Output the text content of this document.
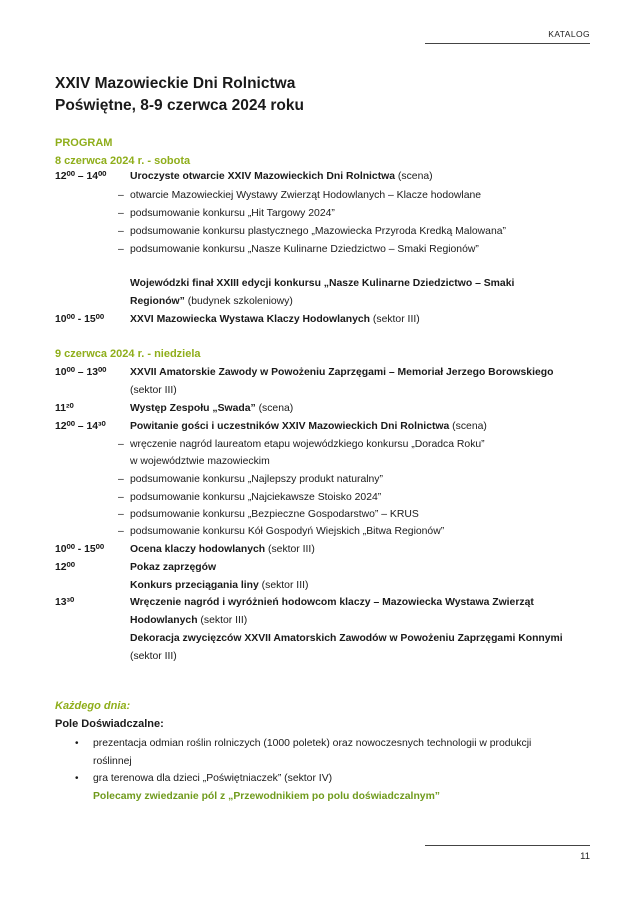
KATALOG
XXIV Mazowieckie Dni Rolnictwa
Poświętne, 8-9 czerwca 2024 roku
PROGRAM
8 czerwca 2024 r. - sobota
12⁰⁰ – 14⁰⁰ Uroczyste otwarcie XXIV Mazowieckich Dni Rolnictwa (scena)
– otwarcie Mazowieckiej Wystawy Zwierząt Hodowlanych – Klacze hodowlane
– podsumowanie konkursu „Hit Targowy 2024”
– podsumowanie konkursu plastycznego „Mazowiecka Przyroda Kredką Malowana”
– podsumowanie konkursu „Nasze Kulinarne Dziedzictwo – Smaki Regionów”
Wojewódzki finał XXIII edycji konkursu „Nasze Kulinarne Dziedzictwo – Smaki
Regionów” (budynek szkoleniowy)
10⁰⁰ - 15⁰⁰ XXVI Mazowiecka Wystawa Klaczy Hodowlanych (sektor III)
9 czerwca 2024 r. - niedziela
10⁰⁰ – 13⁰⁰ XXVII Amatorskie Zawody w Powożeniu Zaprzęgami – Memoriał Jerzego Borowskiego
(sektor III)
11²⁰	Występ Zespołu „Swada” (scena)
12⁰⁰ – 14³⁰ Powitanie gości i uczestników XXIV Mazowieckich Dni Rolnictwa (scena)
– wręczenie nagród laureatom etapu wojewódzkiego konkursu „Doradca Roku”
w województwie mazowieckim
– podsumowanie konkursu „Najlepszy produkt naturalny”
– podsumowanie konkursu „Najciekawsze Stoisko 2024”
– podsumowanie konkursu „Bezpieczne Gospodarstwo” – KRUS
– podsumowanie konkursu Kół Gospodyń Wiejskich „Bitwa Regionów”
10⁰⁰ - 15⁰⁰ Ocena klaczy hodowlanych (sektor III)
12⁰⁰	Pokaz zaprzęgów
Konkurs przeciągania liny (sektor III)
13³⁰	Wręczenie nagród i wyróżnień hodowcom klaczy – Mazowiecka Wystawa Zwierząt
Hodowlanych (sektor III)
Dekoracja zwycięzców XXVII Amatorskich Zawodów w Powożeniu Zaprzęgami Konnymi
(sektor III)
Każdego dnia:
Pole Doświadczalne:
• prezentacja odmian roślin rolniczych (1000 poletek) oraz nowoczesnych technologii w produkcji
roślinnej
• gra terenowa dla dzieci „Poświętniaczek” (sektor IV)
Polecamy zwiedzanie pól z „Przewodnikiem po polu doświadczalnym”
11
